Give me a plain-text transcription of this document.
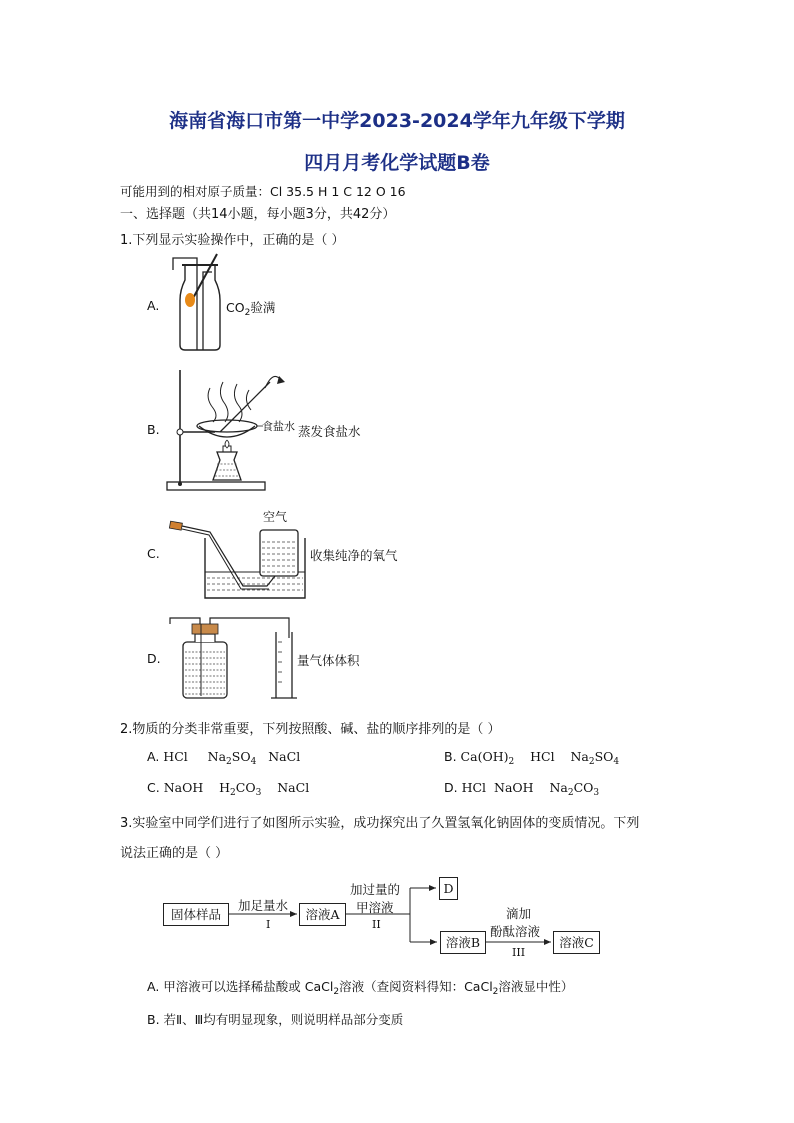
海南省海口市第一中学2023-2024学年九年级下学期
四月月考化学试题B卷
可能用到的相对原子质量：Cl 35.5 H 1 C 12 O 16
一、选择题（共14小题，每小题3分，共42分）
1.下列显示实验操作中，正确的是（ ）
A.	$CO_2$验满
B.	食盐水 蒸发食盐水
C.
空气
收集纯净的氧气
D.	量气体体积
2.物质的分类非常重要，下列按照酸、碱、盐的顺序排列的是（ ）
A. HCl $Na_2SO_4$ NaCl	B. $Ca(OH)_2$ HCl $Na_2SO_4$
C. NaOH $H_2CO_3$ NaCl	D. HCl NaOH $Na_2CO_3$
3.实验室中同学们进行了如图所示实验，成功探究出了久置氢氧化钠固体的变质情况。下列
说法正确的是（ ）
固体样品
加足量水
I
溶液A
加过量的
甲溶液
II
D
溶液B
滴加
酚酞溶液
III
溶液C
A. 甲溶液可以选择稀盐酸或 CaCl$_2$溶液（查阅资料得知：CaCl$_2$溶液显中性）
B. 若Ⅱ、Ⅲ均有明显现象，则说明样品部分变质
